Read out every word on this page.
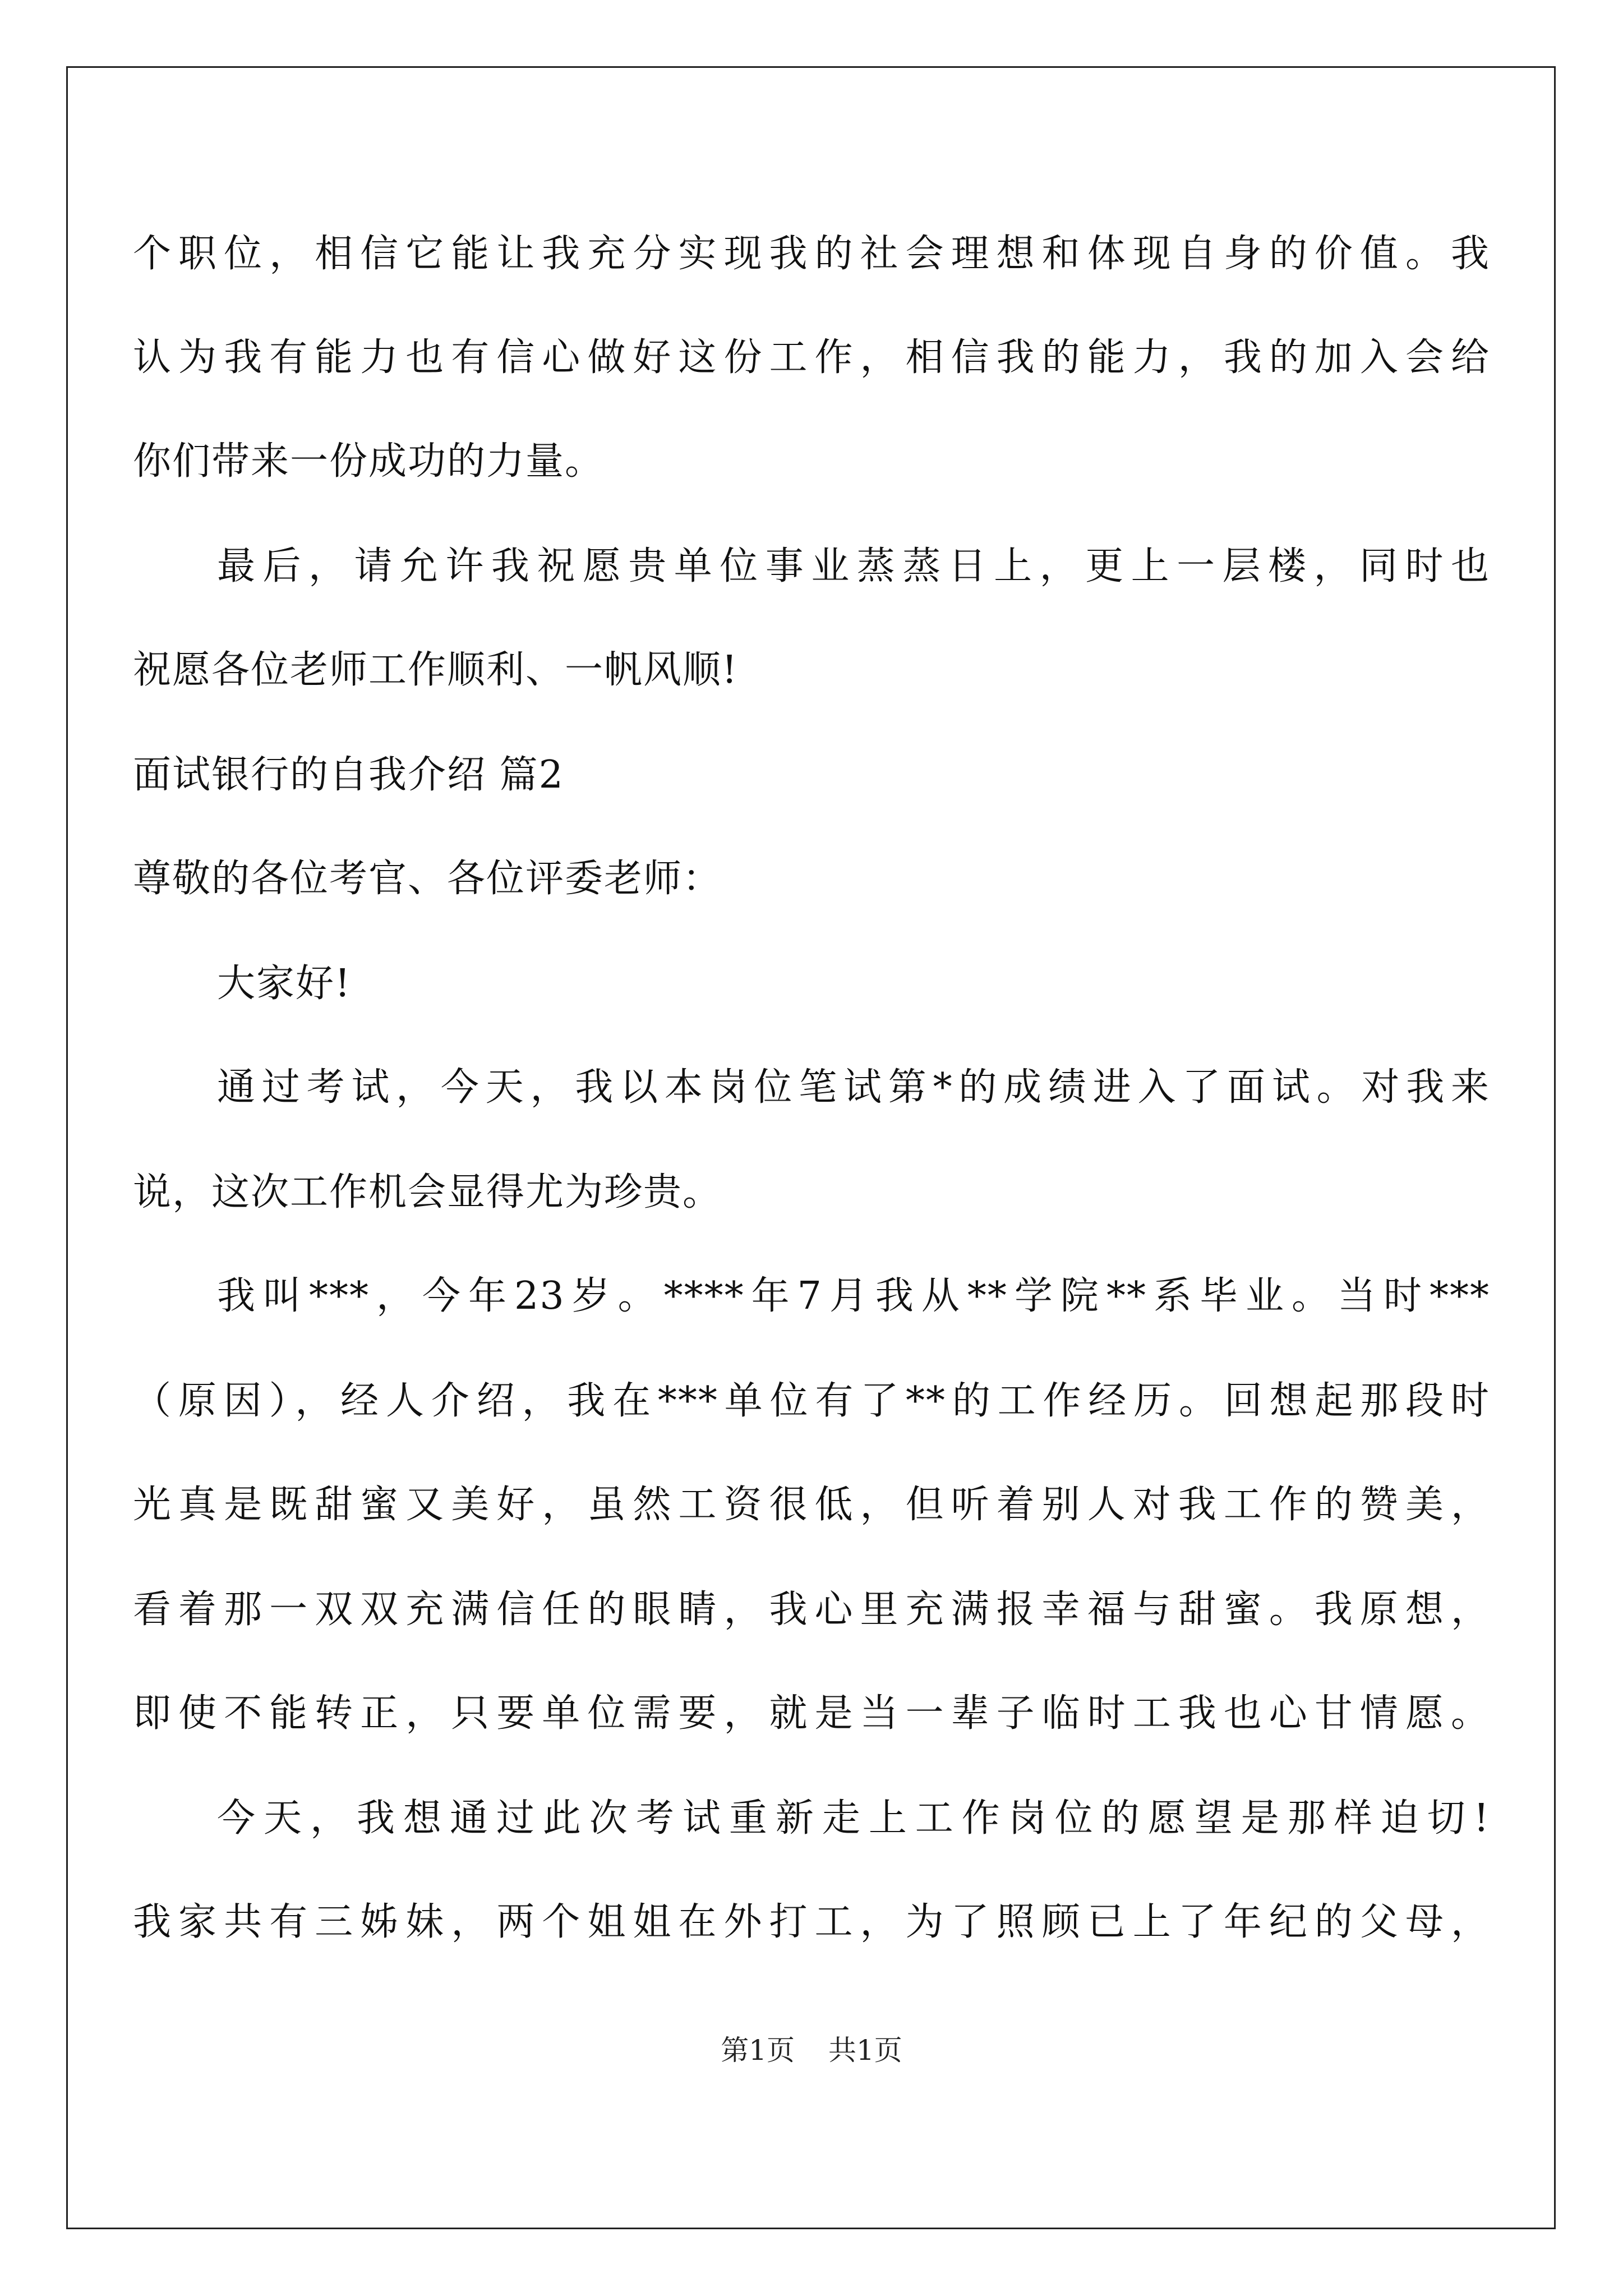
个职位，相信它能让我充分实现我的社会理想和体现自身的价值。我
认为我有能力也有信心做好这份工作，相信我的能力，我的加入会给
你们带来一份成功的力量。
最后，请允许我祝愿贵单位事业蒸蒸日上，更上一层楼，同时也
祝愿各位老师工作顺利、一帆风顺!
面试银行的自我介绍 篇2
尊敬的各位考官、各位评委老师：
大家好!
通过考试，今天，我以本岗位笔试第*的成绩进入了面试。对我来
说，这次工作机会显得尤为珍贵。
我叫***，今年23岁。****年7月我从**学院**系毕业。当时***
（原因），经人介绍，我在***单位有了**的工作经历。回想起那段时
光真是既甜蜜又美好，虽然工资很低，但听着别人对我工作的赞美，
看着那一双双充满信任的眼睛，我心里充满报幸福与甜蜜。我原想，
即使不能转正，只要单位需要，就是当一辈子临时工我也心甘情愿。
今天，我想通过此次考试重新走上工作岗位的愿望是那样迫切!
我家共有三姊妹，两个姐姐在外打工，为了照顾已上了年纪的父母，
第1页 共1页
